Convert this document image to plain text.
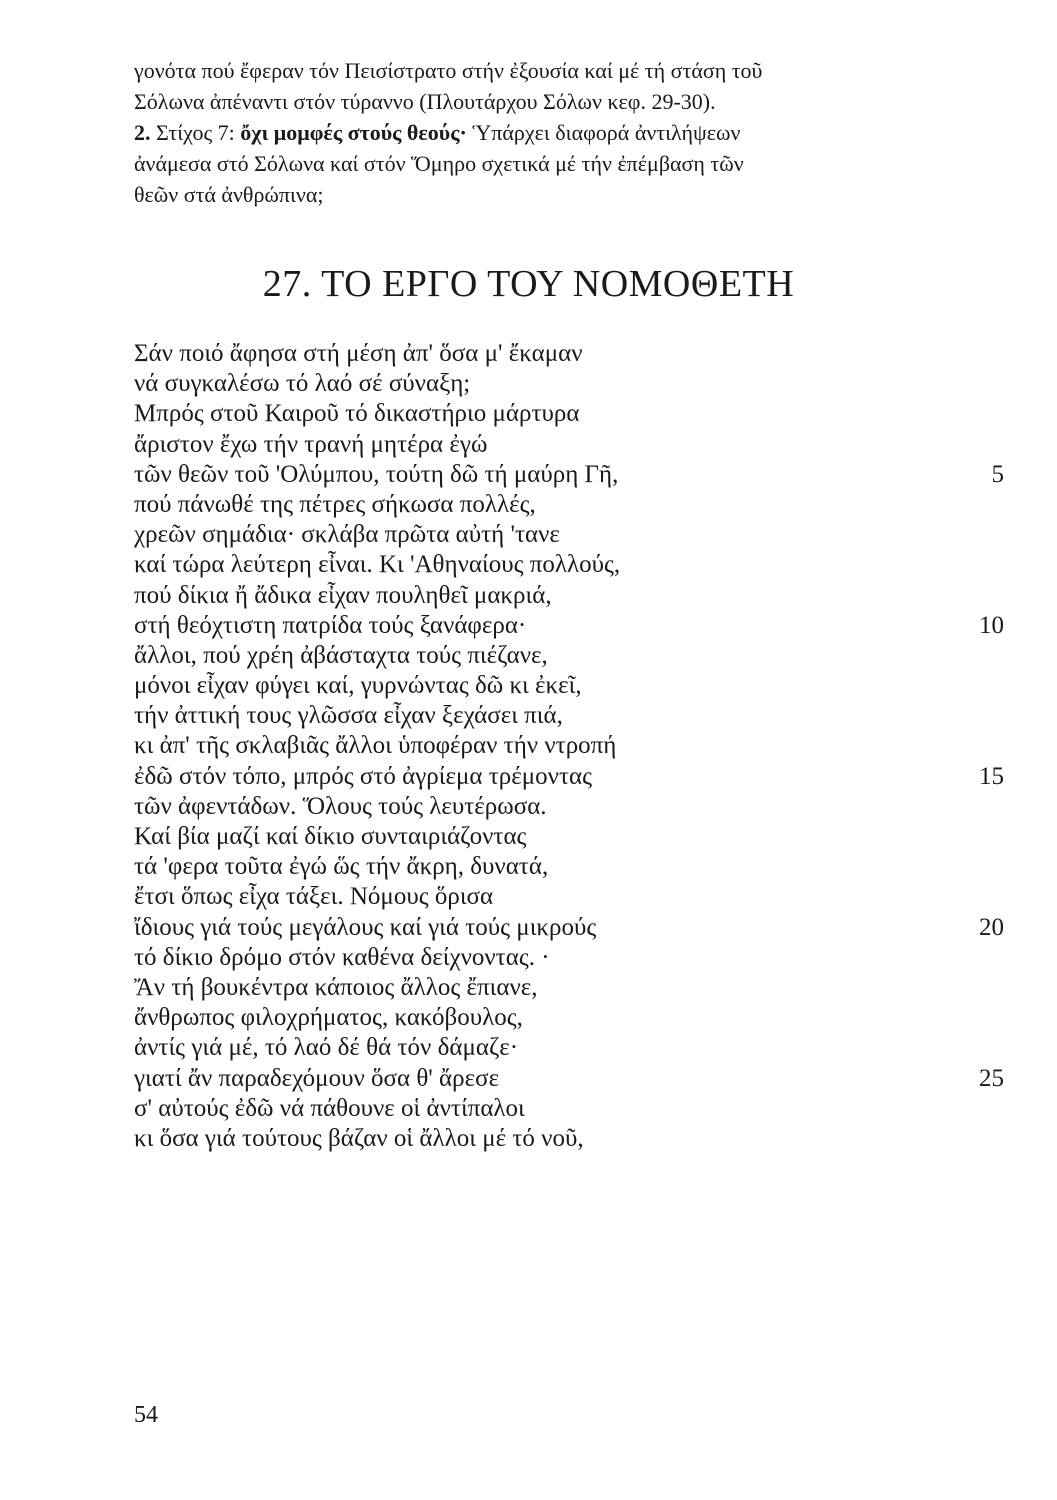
γονότα πού ἔφεραν τόν Πεισίστρατο στήν ἐξουσία καί μέ τή στάση τοῦ
Σόλωνα ἀπέναντι στόν τύραννο (Πλουτάρχου Σόλων κεφ. 29-30).
2. Στίχος 7: ὄχι μομφές στούς θεούς· Ὑπάρχει διαφορά ἀντιλήψεων
ἀνάμεσα στό Σόλωνα καί στόν Ὅμηρο σχετικά μέ τήν ἐπέμβαση τῶν
θεῶν στά ἀνθρώπινα;
27. ΤΟ ΕΡΓΟ ΤΟΥ ΝΟΜΟΘΕΤΗ
Σάν ποιό ἄφησα στή μέση ἀπ' ὅσα μ' ἔκαμαν
νά συγκαλέσω τό λαό σέ σύναξη;
Μπρός στοῦ Καιροῦ τό δικαστήριο μάρτυρα
ἄριστον ἔχω τήν τρανή μητέρα ἐγώ
τῶν θεῶν τοῦ 'Ολύμπου, τούτη δῶ τή μαύρη Γῆ,	5
πού πάνωθέ της πέτρες σήκωσα πολλές,
χρεῶν σημάδια· σκλάβα πρῶτα αὐτή 'τανε
καί τώρα λεύτερη εἶναι. Κι 'Αθηναίους πολλούς,
πού δίκια ἤ ἄδικα εἶχαν πουληθεῖ μακριά,
στή θεόχτιστη πατρίδα τούς ξανάφερα·	10
ἄλλοι, πού χρέη ἀβάσταχτα τούς πιέζανε,
μόνοι εἶχαν φύγει καί, γυρνώντας δῶ κι ἐκεῖ,
τήν ἀττική τους γλῶσσα εἶχαν ξεχάσει πιά,
κι ἀπ' τῆς σκλαβιᾶς ἄλλοι ὑποφέραν τήν ντροπή
ἐδῶ στόν τόπο, μπρός στό ἀγρίεμα τρέμοντας	15
τῶν ἀφεντάδων. Ὅλους τούς λευτέρωσα.
Καί βία μαζί καί δίκιο συνταιριάζοντας
τά 'φερα τοῦτα ἐγώ ὥς τήν ἄκρη, δυνατά,
ἔτσι ὅπως εἶχα τάξει. Νόμους ὅρισα
ἴδιους γιά τούς μεγάλους καί γιά τούς μικρούς	20
τό δίκιο δρόμο στόν καθένα δείχνοντας. ·
Ἄν τή βουκέντρα κάποιος ἄλλος ἔπιανε,
ἄνθρωπος φιλοχρήματος, κακόβουλος,
ἀντίς γιά μέ, τό λαό δέ θά τόν δάμαζε·
γιατί ἄν παραδεχόμουν ὅσα θ' ἄρεσε	25
σ' αὐτούς ἐδῶ νά πάθουνε οἱ ἀντίπαλοι
κι ὅσα γιά τούτους βάζαν οἱ ἄλλοι μέ τό νοῦ,
54
